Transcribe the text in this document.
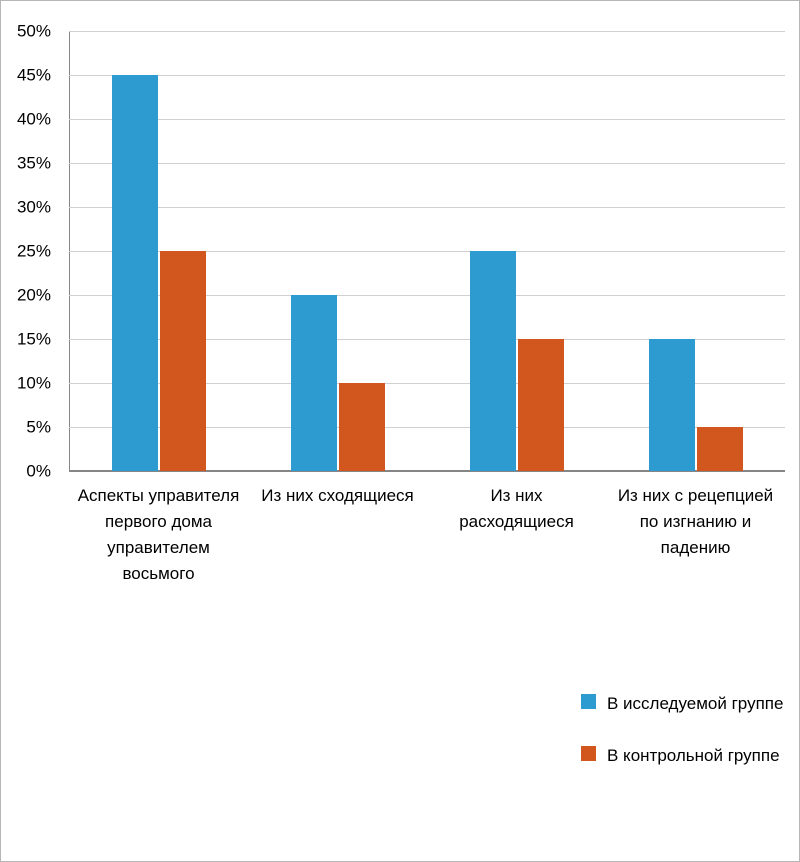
0%
5%
10%
15%
20%
25%
30%
35%
40%
45%
50%
Аспекты управителя первого дома управителем восьмого
Из них сходящиеся	Из них расходящиеся
Из них с рецепцией по изгнанию и падению
В исследуемой группе
В контрольной группе
